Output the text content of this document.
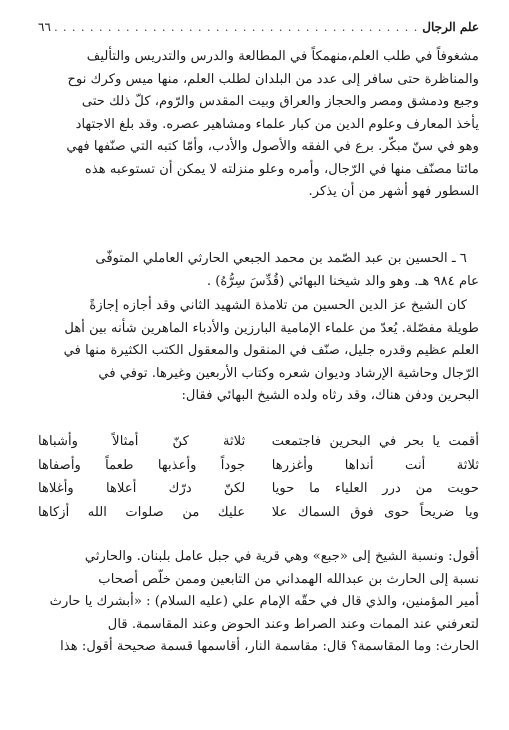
علم الرجال
. . .
٦٦
مشغوفاً في طلب العلم،منهمكاً في المطالعة والدرس والتدريس والتأليف
والمناظرة حتى سافر إلى عدد من البلدان لطلب العلم، منها ميس وكرك نوح
وجبع ودمشق ومصر والحجاز والعراق وبيت المقدس والرّوم، كلّ ذلك حتى
يأخذ المعارف وعلوم الدين من كبار علماء ومشاهير عصره. وقد بلغ الاجتهاد
وهو في سنّ مبكّر. برع في الفقه والأصول والأدب، وأمّا كتبه التي صنّفها فهي
مائتا مصنّف منها في الرّجال، وأمره وعلو منزلته لا يمكن أن تستوعبه هذه
السطور فهو أشهر من أن يذكر.
٦ ـ الحسين بن عبد الصّمد بن محمد الجبعي الحارثي العاملي المتوفّى
عام ٩٨٤ هـ. وهو والد شيخنا البهائي (قُدِّسَ سِرُّهُ) .
كان الشيخ عز الدين الحسين من تلامذة الشهيد الثاني وقد أجازه إجازةً
طويلة مفصّلة. يُعدّ من علماء الإمامية البارزين والأدباء الماهرين شأنه بين أهل
العلم عظيم وقدره جليل، صنّف في المنقول والمعقول الكتب الكثيرة منها في
الرّجال وحاشية الإرشاد وديوان شعره وكتاب الأربعين وغيرها. توفي في
البحرين ودفن هناك، وقد رثاه ولده الشيخ البهائي فقال:
أقمت يا بحر في البحرين فاجتمعت
ثلاثة كنّ أمثالاً وأشباها
ثلاثة أنت أنداها وأغزرها
جوداً وأعذبها طعماً وأصفاها
حويت من درر العلياء ما حويا
لكنّ درّك أعلاها وأغلاها
ويا ضريحاً حوى فوق السماك علا
عليك من صلوات الله أزكاها
أقول: ونسبة الشيخ إلى «جبع» وهي قرية في جبل عامل بلبنان. والحارثي
نسبة إلى الحارث بن عبدالله الهمداني من التابعين وممن خلّص أصحاب
أمير المؤمنين، والذي قال في حقّه الإمام علي (عليه السلام) : «أبشرك يا حارث
لتعرفني عند الممات وعند الصراط وعند الحوض وعند المقاسمة. قال
الحارث: وما المقاسمة؟ قال: مقاسمة النار، أقاسمها قسمة صحيحة أقول: هذا
